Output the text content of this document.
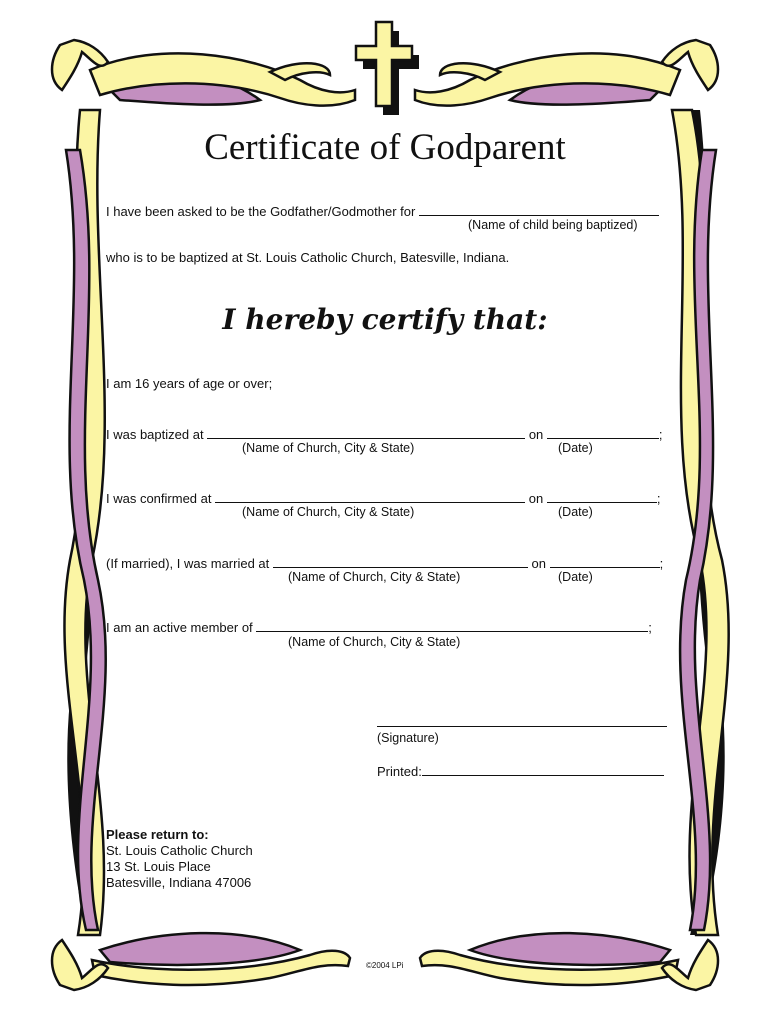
Certificate of Godparent
I have been asked to be the Godfather/Godmother for
(Name of child being baptized)
who is to be baptized at St. Louis Catholic Church, Batesville, Indiana.
I hereby certify that:
I am 16 years of age or over;
I was baptized at	on	;
(Name of Church, City & State)	(Date)
I was confirmed at	on	;
(Name of Church, City & State)	(Date)
(If married), I was married at	on	;
(Name of Church, City & State)	(Date)
I am an active member of	;
(Name of Church, City & State)
(Signature)
Printed:
Please return to:
St. Louis Catholic Church
13 St. Louis Place
Batesville, Indiana 47006
©2004 LPi
